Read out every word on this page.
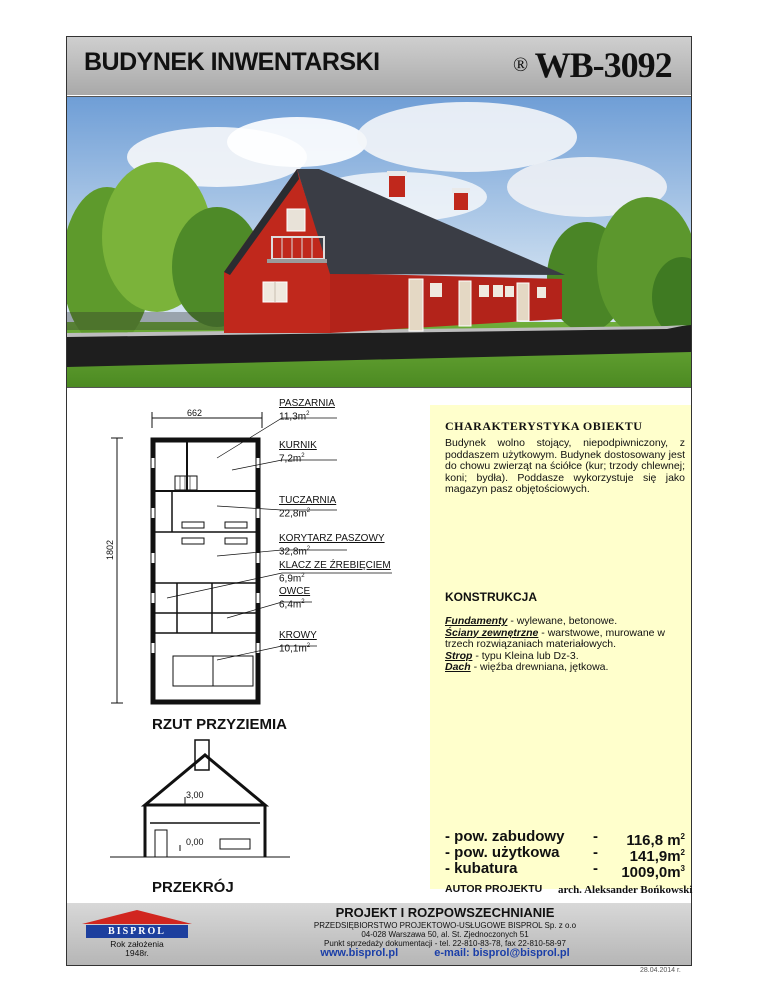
BUDYNEK INWENTARSKI	® WB-3092
662
1802
PASZARNIA
$11,3m^2$
KURNIK
$7,2m^2$
TUCZARNIA
$22,8m^2$
KORYTARZ PASZOWY
$32,8m^2$
KLACZ ZE ŹREBIĘCIEM
$6,9m^2$
OWCE
$6,4m^2$
KROWY
$10,1m^2$
RZUT PRZYZIEMIA
3,00
0,00
PRZEKRÓJ
CHARAKTERYSTYKA OBIEKTU
Budynek wolno stojący, niepodpiwniczony, z poddaszem użytkowym. Budynek dostosowany jest do chowu zwierząt na ściółce (kur; trzody chlewnej; koni; bydła). Poddasze wykorzystuje się jako magazyn pasz objętościowych.
KONSTRUKCJA
Fundamenty - wylewane, betonowe.
Ściany zewnętrzne - warstwowe, murowane w trzech rozwiązaniach materiałowych.
Strop - typu Kleina lub Dz-3.
Dach - więźba drewniana, jętkowa.
- pow. zabudowy - 116,8 $m^2$
- pow. użytkowa - $141,9m^2$
- kubatura	- $1009,0m^3$
AUTOR PROJEKTU arch. Aleksander Bońkowski
BISPROL
Rok założenia
1948r.
PROJEKT I ROZPOWSZECHNIANIE
PRZEDSIĘBIORSTWO PROJEKTOWO-USŁUGOWE BISPROL Sp. z o.o
04-028 Warszawa 50, al. St. Zjednoczonych 51
Punkt sprzedaży dokumentacji - tel. 22-810-83-78, fax 22-810-58-97
www.bisprol.pl	e-mail: bisprol@bisprol.pl
28.04.2014 r.
